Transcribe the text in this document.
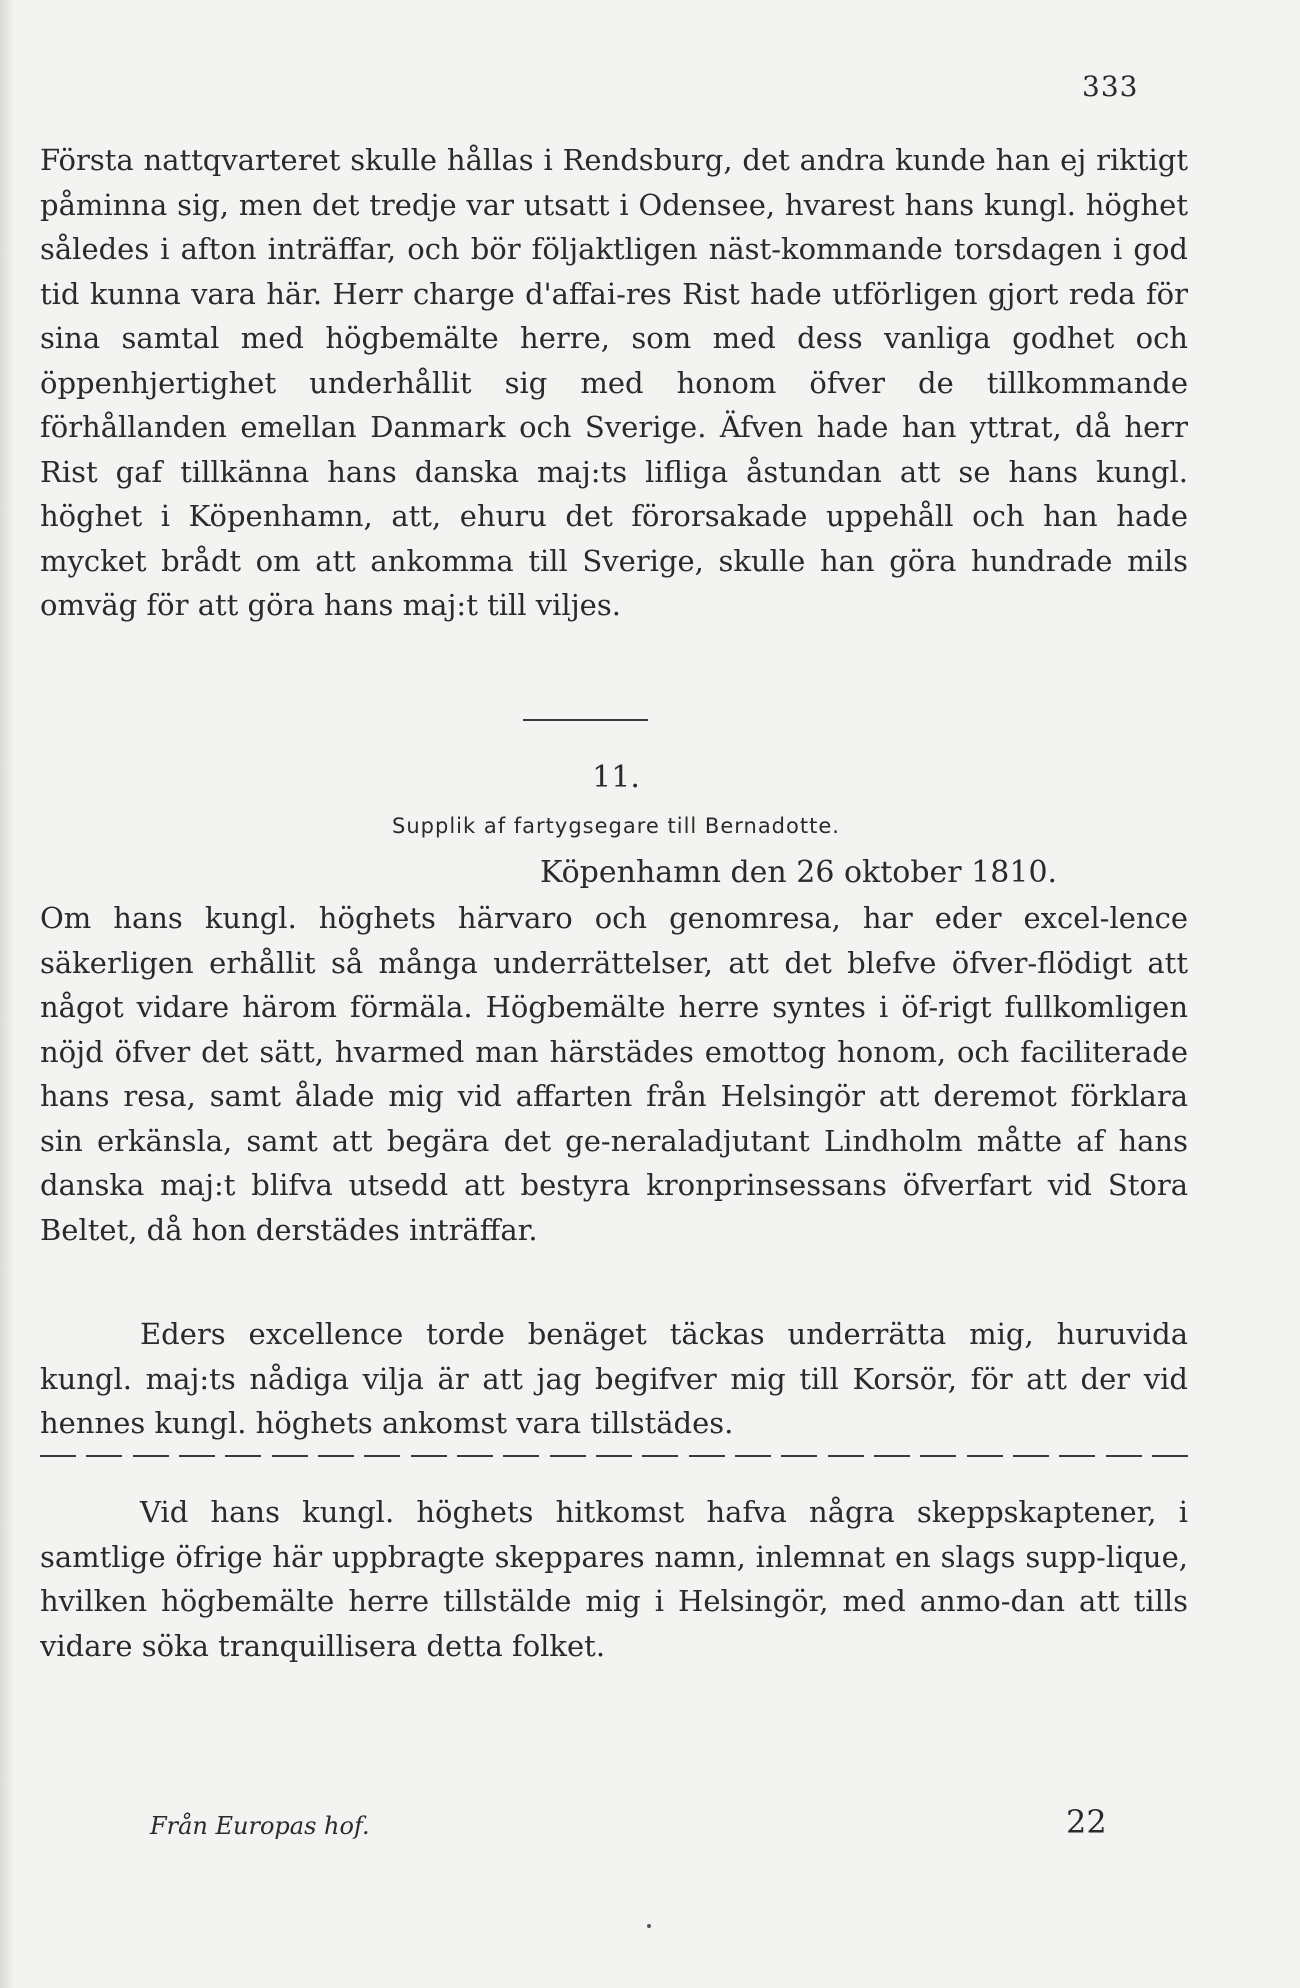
333

Första nattqvarteret skulle hållas i Rendsburg, det andra kunde han ej riktigt påminna sig, men det tredje var utsatt i Odensee, hvarest hans kungl. höghet således i afton inträffar, och bör följaktligen näst-kommande torsdagen i god tid kunna vara här. Herr charge d'affai-res Rist hade utförligen gjort reda för sina samtal med högbemälte herre, som med dess vanliga godhet och öppenhjertighet underhållit sig med honom öfver de tillkommande förhållanden emellan Danmark och Sverige. Äfven hade han yttrat, då herr Rist gaf tillkänna hans danska maj:ts lifliga åstundan att se hans kungl. höghet i Köpenhamn, att, ehuru det förorsakade uppehåll och han hade mycket brådt om att ankomma till Sverige, skulle han göra hundrade mils omväg för att göra hans maj:t till viljes.

11.
Supplik af fartygsegare till Bernadotte.
Köpenhamn den 26 oktober 1810.

Om hans kungl. höghets härvaro och genomresa, har eder excel-lence säkerligen erhållit så många underrättelser, att det blefve öfver-flödigt att något vidare härom förmäla. Högbemälte herre syntes i öf-rigt fullkomligen nöjd öfver det sätt, hvarmed man härstädes emottog honom, och faciliterade hans resa, samt ålade mig vid affarten från Helsingör att deremot förklara sin erkänsla, samt att begära det ge-neraladjutant Lindholm måtte af hans danska maj:t blifva utsedd att bestyra kronprinsessans öfverfart vid Stora Beltet, då hon derstädes inträffar.

Eders excellence torde benäget täckas underrätta mig, huruvida kungl. maj:ts nådiga vilja är att jag begifver mig till Korsör, för att der vid hennes kungl. höghets ankomst vara tillstädes.

Vid hans kungl. höghets hitkomst hafva några skeppskaptener, i samtlige öfrige här uppbragte skeppares namn, inlemnat en slags supp-lique, hvilken högbemälte herre tillstälde mig i Helsingör, med anmo-dan att tills vidare söka tranquillisera detta folket.

Från Europas hof.	22
